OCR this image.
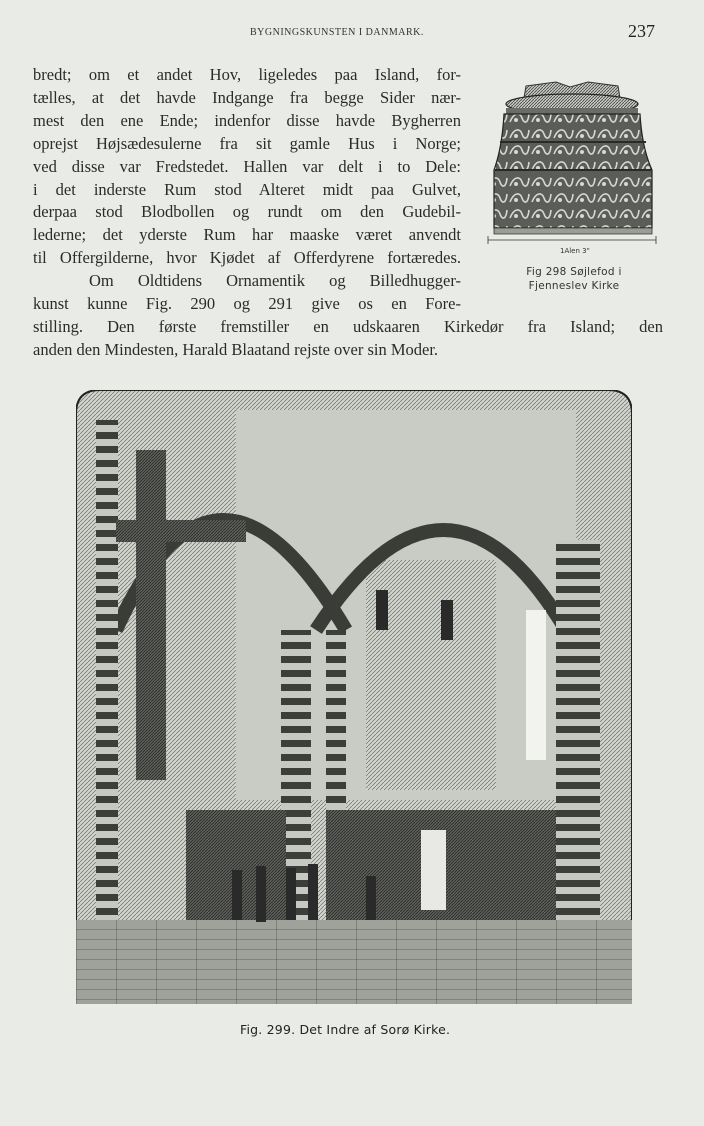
BYGNINGSKUNSTEN I DANMARK.	237
bredt; om et andet Hov, ligeledes paa Island, for-
tælles, at det havde Indgange fra begge Sider nær-
mest den ene Ende; indenfor disse havde Bygherren
oprejst Højsædesulerne fra sit gamle Hus i Norge;
ved disse var Fredstedet. Hallen var delt i to Dele:
i det inderste Rum stod Alteret midt paa Gulvet,
derpaa stod Blodbollen og rundt om den Gudebil-
lederne; det yderste Rum har maaske været anvendt
til Offergilderne, hvor Kjødet af Offerdyrene fortæredes.
Om Oldtidens Ornamentik og Billedhugger-
kunst kunne Fig. 290 og 291 give os en Fore-
stilling. Den første fremstiller en udskaaren Kirkedør fra Island; den
anden den Mindesten, Harald Blaatand rejste over sin Moder.
1Alen 3"
Fig 298 Søjlefod i
Fjenneslev Kirke
Fig. 299. Det Indre af Sorø Kirke.
